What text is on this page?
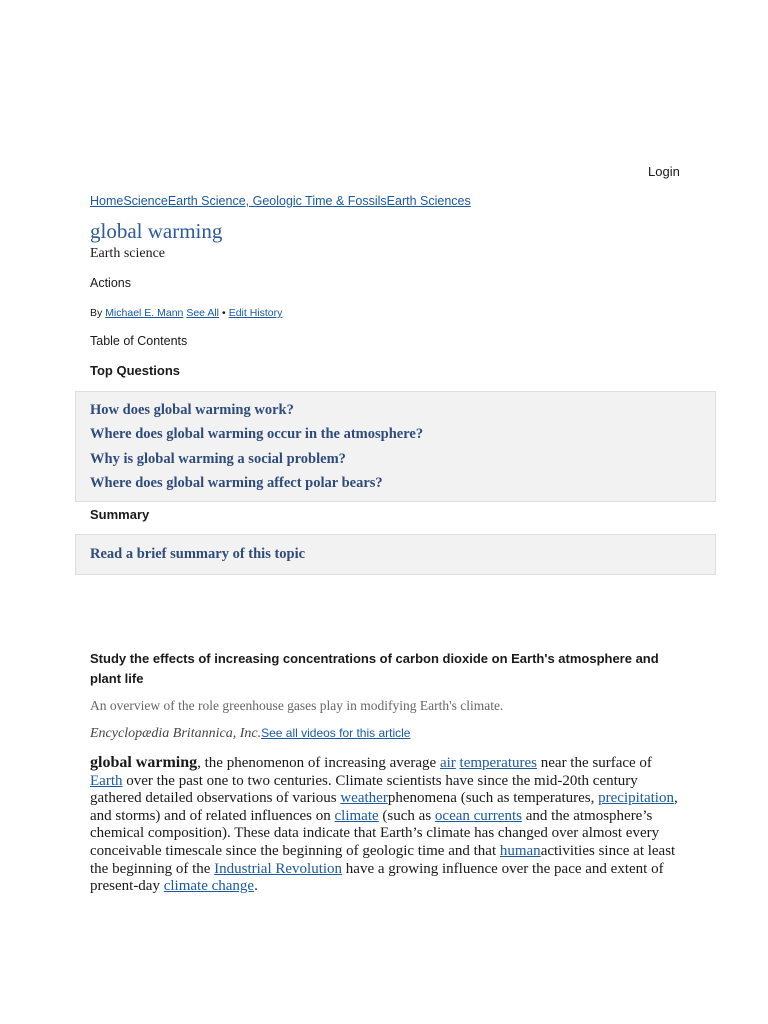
Login
HomeScienceEarth Science, Geologic Time & FossilsEarth Sciences
global warming
Earth science
Actions
By Michael E. Mann See All • Edit History
Table of Contents
Top Questions
How does global warming work?
Where does global warming occur in the atmosphere?
Why is global warming a social problem?
Where does global warming affect polar bears?
Summary
Read a brief summary of this topic
Study the effects of increasing concentrations of carbon dioxide on Earth's atmosphere and plant life
An overview of the role greenhouse gases play in modifying Earth's climate.
Encyclopædia Britannica, Inc.See all videos for this article

global warming, the phenomenon of increasing average air temperatures near the surface of Earth over the past one to two centuries. Climate scientists have since the mid-20th century gathered detailed observations of various weatherphenomena (such as temperatures, precipitation, and storms) and of related influences on climate (such as ocean currents and the atmosphere’s chemical composition). These data indicate that Earth’s climate has changed over almost every conceivable timescale since the beginning of geologic time and that humanactivities since at least the beginning of the Industrial Revolution have a growing influence over the pace and extent of present-day climate change.
